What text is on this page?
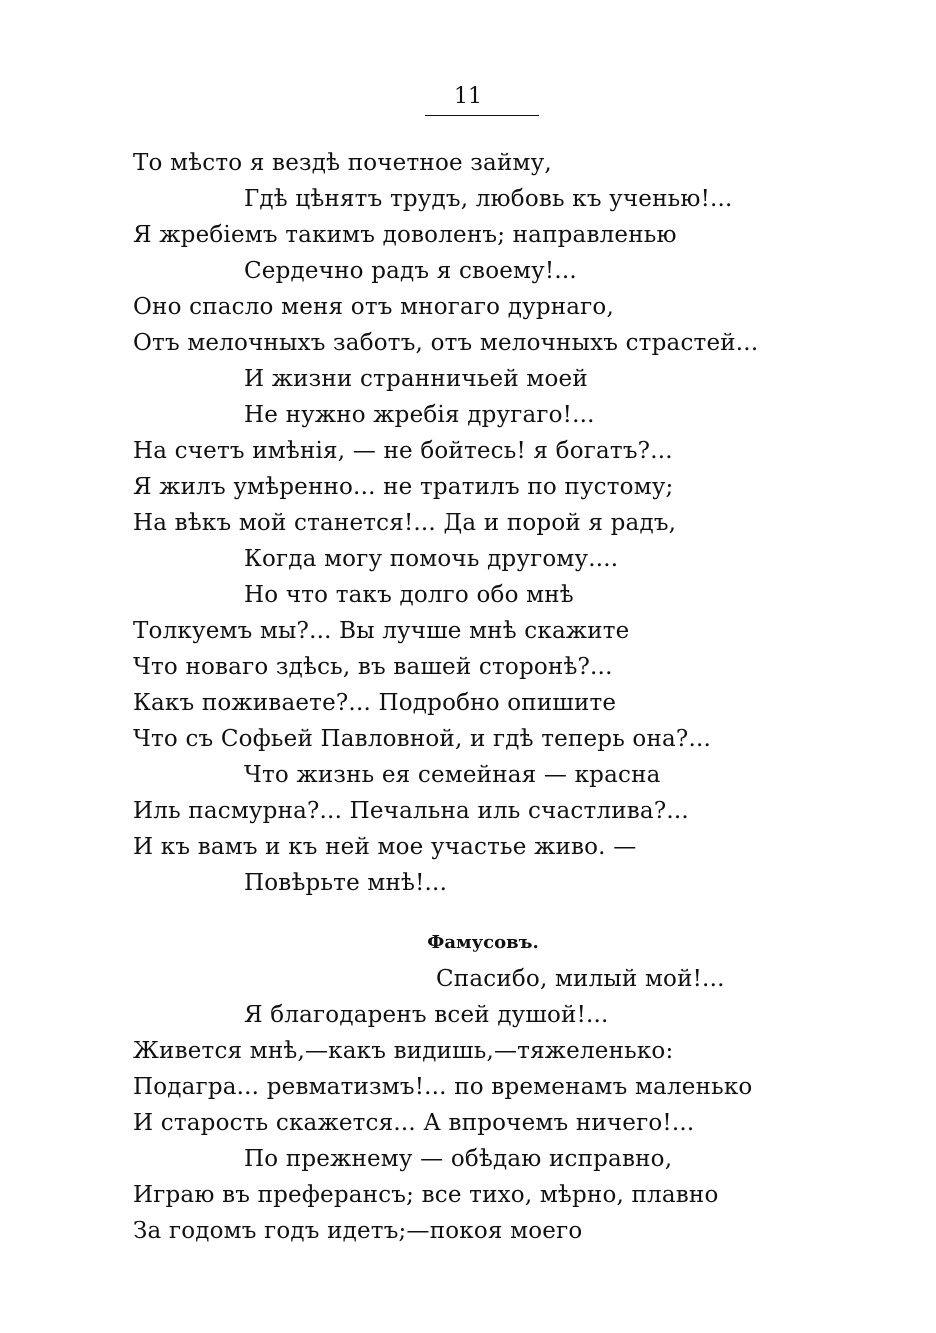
11
То мѣсто я вездѣ почетное займу,
Гдѣ цѣнятъ трудъ, любовь къ ученью!...
Я жребіемъ такимъ доволенъ; направленью
Сердечно радъ я своему!...
Оно спасло меня отъ многаго дурнаго,
Отъ мелочныхъ заботъ, отъ мелочныхъ страстей...
И жизни странничьей моей
Не нужно жребія другаго!...
На счетъ имѣнія, — не бойтесь! я богатъ?...
Я жилъ умѣренно... не тратилъ по пустому;
На вѣкъ мой станется!... Да и порой я радъ,
Когда могу помочь другому....
Но что такъ долго обо мнѣ
Толкуемъ мы?... Вы лучше мнѣ скажите
Что новаго здѣсь, въ вашей сторонѣ?...
Какъ поживаете?... Подробно опишите
Что съ Софьей Павловной, и гдѣ теперь она?...
Что жизнь ея семейная — красна
Иль пасмурна?... Печальна иль счастлива?...
И къ вамъ и къ ней мое участье живо. —
Повѣрьте мнѣ!...
Фамусовъ.
Спасибо, милый мой!...
Я благодаренъ всей душой!...
Живется мнѣ,—какъ видишь,—тяжеленько:
Подагра... ревматизмъ!... по временамъ маленько
И старость скажется... А впрочемъ ничего!...
По прежнему — обѣдаю исправно,
Играю въ преферансъ; все тихо, мѣрно, плавно
За годомъ годъ идетъ;—покоя моего
